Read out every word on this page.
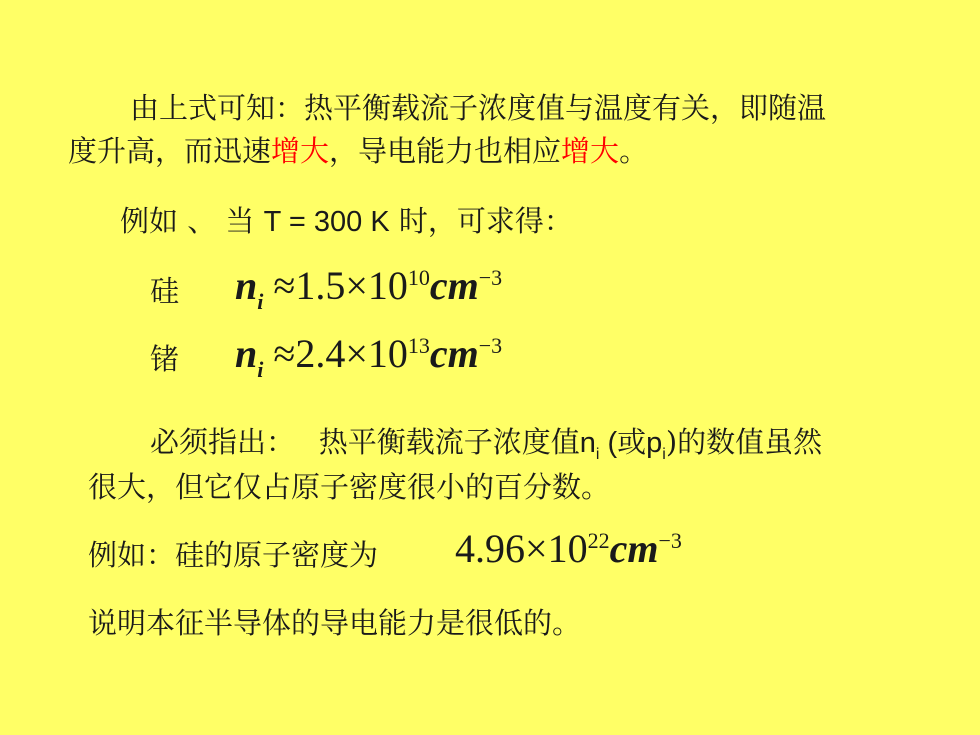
由上式可知：热平衡载流子浓度值与温度有关，即随温
度升高，而迅速增大，导电能力也相应增大。
例如 、 当 T = 300 K 时，可求得：
硅 $n_i \approx 1.5\times 10^{10}cm^{-3}$
锗 $n_i \approx 2.4\times 10^{13}cm^{-3}$
必须指出：　 热平衡载流子浓度值$n_i$ (或$p_i$)的数值虽然
很大，但它仅占原子密度很小的百分数。
例如：硅的原子密度为 $4.96\times 10^{22}cm^{-3}$
说明本征半导体的导电能力是很低的。
